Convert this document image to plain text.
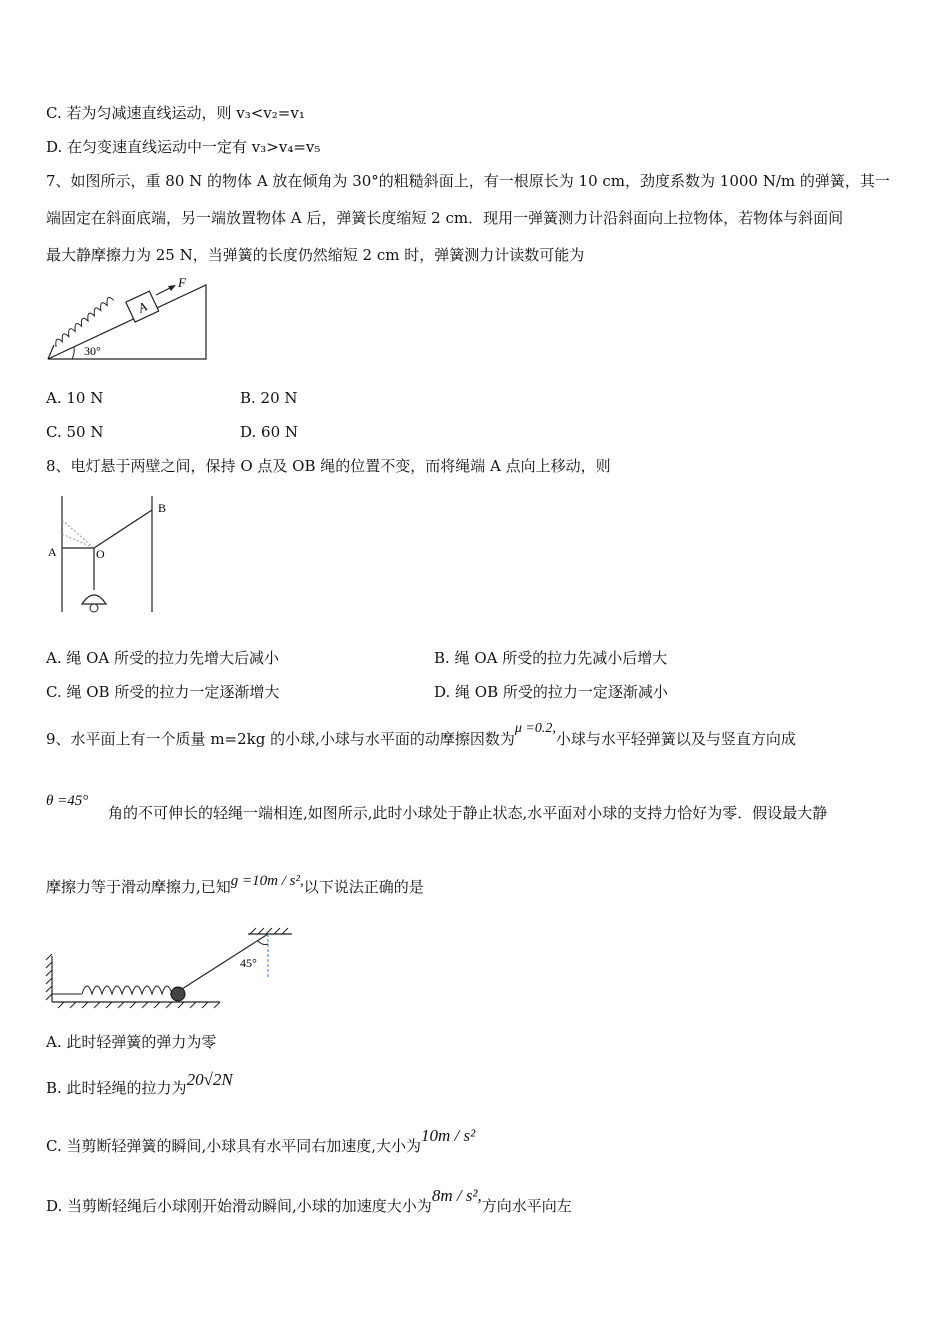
C. 若为匀减速直线运动，则 v₃<v₂=v₁
D. 在匀变速直线运动中一定有 v₃>v₄=v₅
7、如图所示，重 80 N 的物体 A 放在倾角为 30°的粗糙斜面上，有一根原长为 10 cm，劲度系数为 1000 N/m 的弹簧，其一
端固定在斜面底端，另一端放置物体 A 后，弹簧长度缩短 2 cm．现用一弹簧测力计沿斜面向上拉物体，若物体与斜面间
最大静摩擦力为 25 N，当弹簧的长度仍然缩短 2 cm 时，弹簧测力计读数可能为
A
F
30°
A. 10 N	B. 20 N
C. 50 N	D. 60 N
8、电灯悬于两壁之间，保持 O 点及 OB 绳的位置不变，而将绳端 A 点向上移动，则
A	O
B
A. 绳 OA 所受的拉力先增大后减小	B. 绳 OA 所受的拉力先减小后增大
C. 绳 OB 所受的拉力一定逐渐增大	D. 绳 OB 所受的拉力一定逐渐减小
9、水平面上有一个质量 m=2kg 的小球,小球与水平面的动摩擦因数为μ =0.2,小球与水平轻弹簧以及与竖直方向成
θ =45°
角的不可伸长的轻绳一端相连,如图所示,此时小球处于静止状态,水平面对小球的支持力恰好为零．假设最大静
摩擦力等于滑动摩擦力,已知g =10m / s²,以下说法正确的是
45°
A. 此时轻弹簧的弹力为零
B. 此时轻绳的拉力为20√2N
C. 当剪断轻弹簧的瞬间,小球具有水平同右加速度,大小为10m / s²
D. 当剪断轻绳后小球刚开始滑动瞬间,小球的加速度大小为8m / s²,方向水平向左
